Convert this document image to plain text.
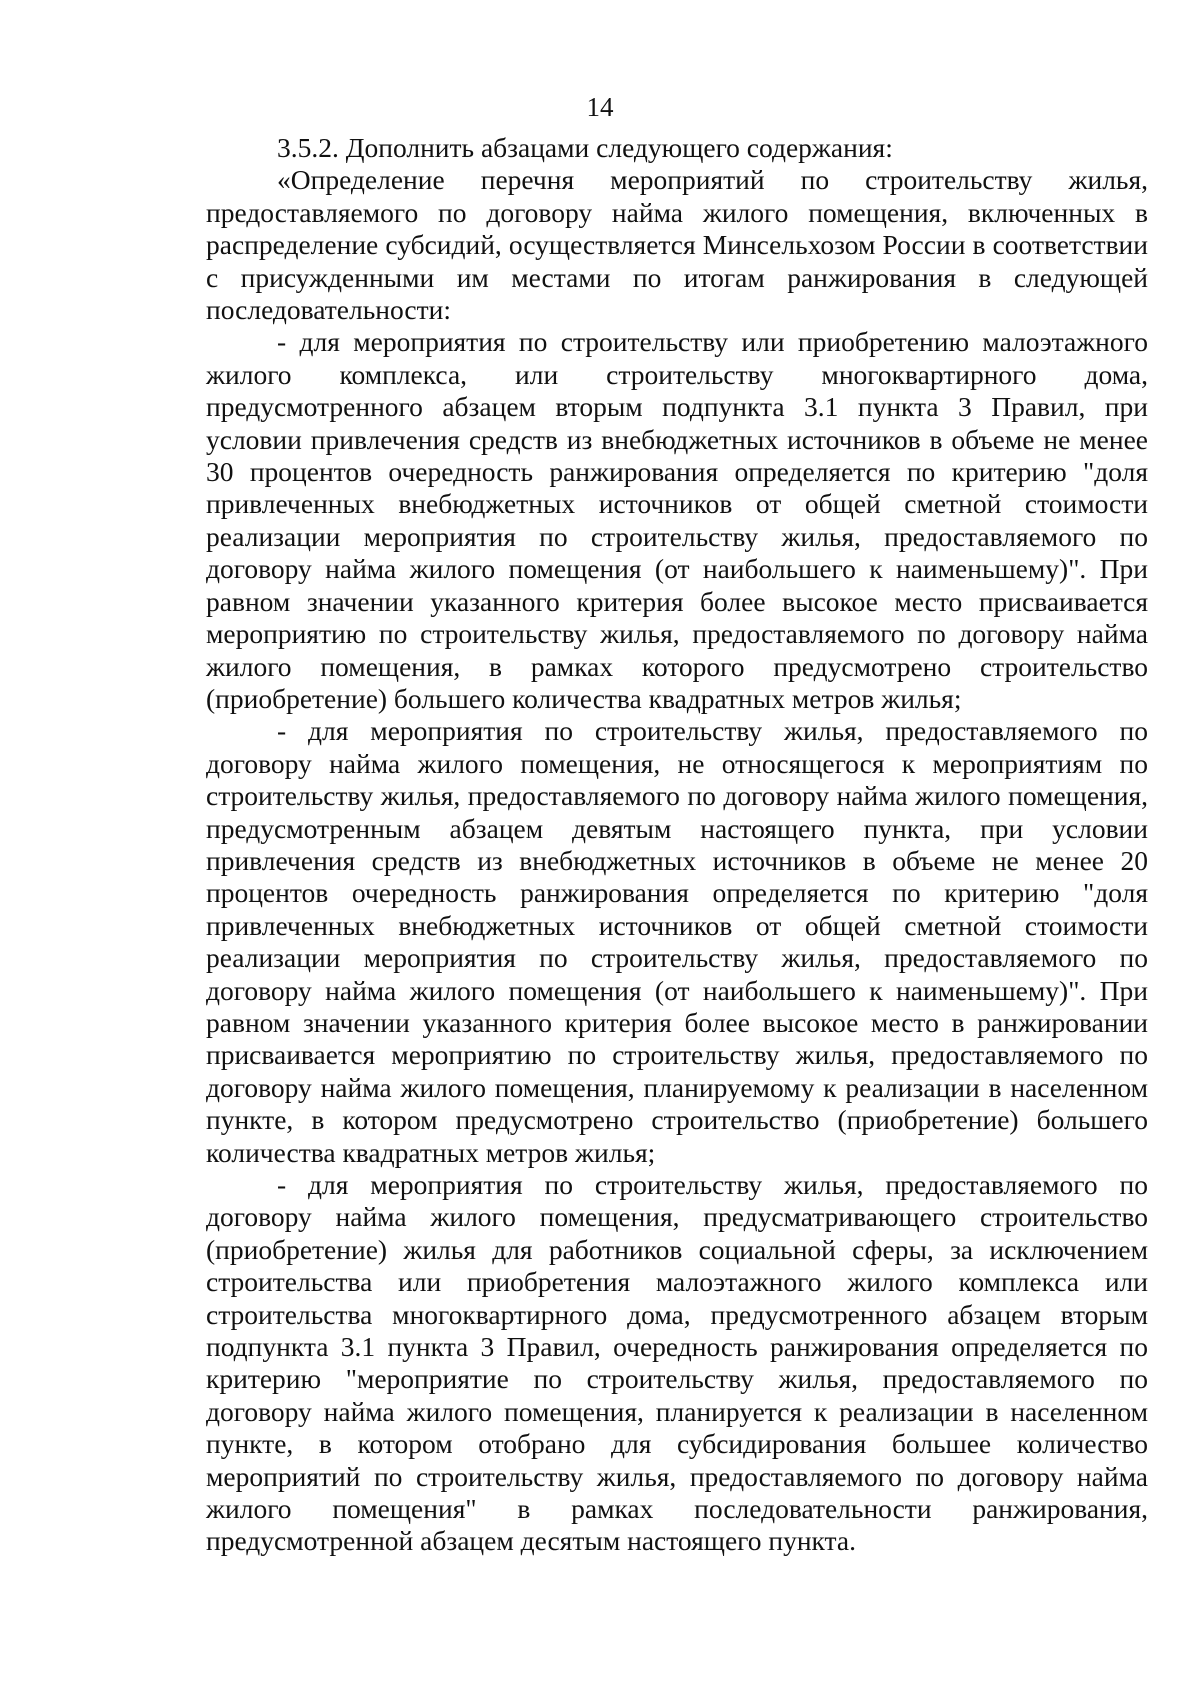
14

3.5.2. Дополнить абзацами следующего содержания:

«Определение перечня мероприятий по строительству жилья, предоставляемого по договору найма жилого помещения, включенных в распределение субсидий, осуществляется Минсельхозом России в соответствии с присужденными им местами по итогам ранжирования в следующей последовательности:

- для мероприятия по строительству или приобретению малоэтажного жилого комплекса, или строительству многоквартирного дома, предусмотренного абзацем вторым подпункта 3.1 пункта 3 Правил, при условии привлечения средств из внебюджетных источников в объеме не менее 30 процентов очередность ранжирования определяется по критерию "доля привлеченных внебюджетных источников от общей сметной стоимости реализации мероприятия по строительству жилья, предоставляемого по договору найма жилого помещения (от наибольшего к наименьшему)". При равном значении указанного критерия более высокое место присваивается мероприятию по строительству жилья, предоставляемого по договору найма жилого помещения, в рамках которого предусмотрено строительство (приобретение) большего количества квадратных метров жилья;

- для мероприятия по строительству жилья, предоставляемого по договору найма жилого помещения, не относящегося к мероприятиям по строительству жилья, предоставляемого по договору найма жилого помещения, предусмотренным абзацем девятым настоящего пункта, при условии привлечения средств из внебюджетных источников в объеме не менее 20 процентов очередность ранжирования определяется по критерию "доля привлеченных внебюджетных источников от общей сметной стоимости реализации мероприятия по строительству жилья, предоставляемого по договору найма жилого помещения (от наибольшего к наименьшему)". При равном значении указанного критерия более высокое место в ранжировании присваивается мероприятию по строительству жилья, предоставляемого по договору найма жилого помещения, планируемому к реализации в населенном пункте, в котором предусмотрено строительство (приобретение) большего количества квадратных метров жилья;

- для мероприятия по строительству жилья, предоставляемого по договору найма жилого помещения, предусматривающего строительство (приобретение) жилья для работников социальной сферы, за исключением строительства или приобретения малоэтажного жилого комплекса или строительства многоквартирного дома, предусмотренного абзацем вторым подпункта 3.1 пункта 3 Правил, очередность ранжирования определяется по критерию "мероприятие по строительству жилья, предоставляемого по договору найма жилого помещения, планируется к реализации в населенном пункте, в котором отобрано для субсидирования большее количество мероприятий по строительству жилья, предоставляемого по договору найма жилого помещения" в рамках последовательности ранжирования, предусмотренной абзацем десятым настоящего пункта.
